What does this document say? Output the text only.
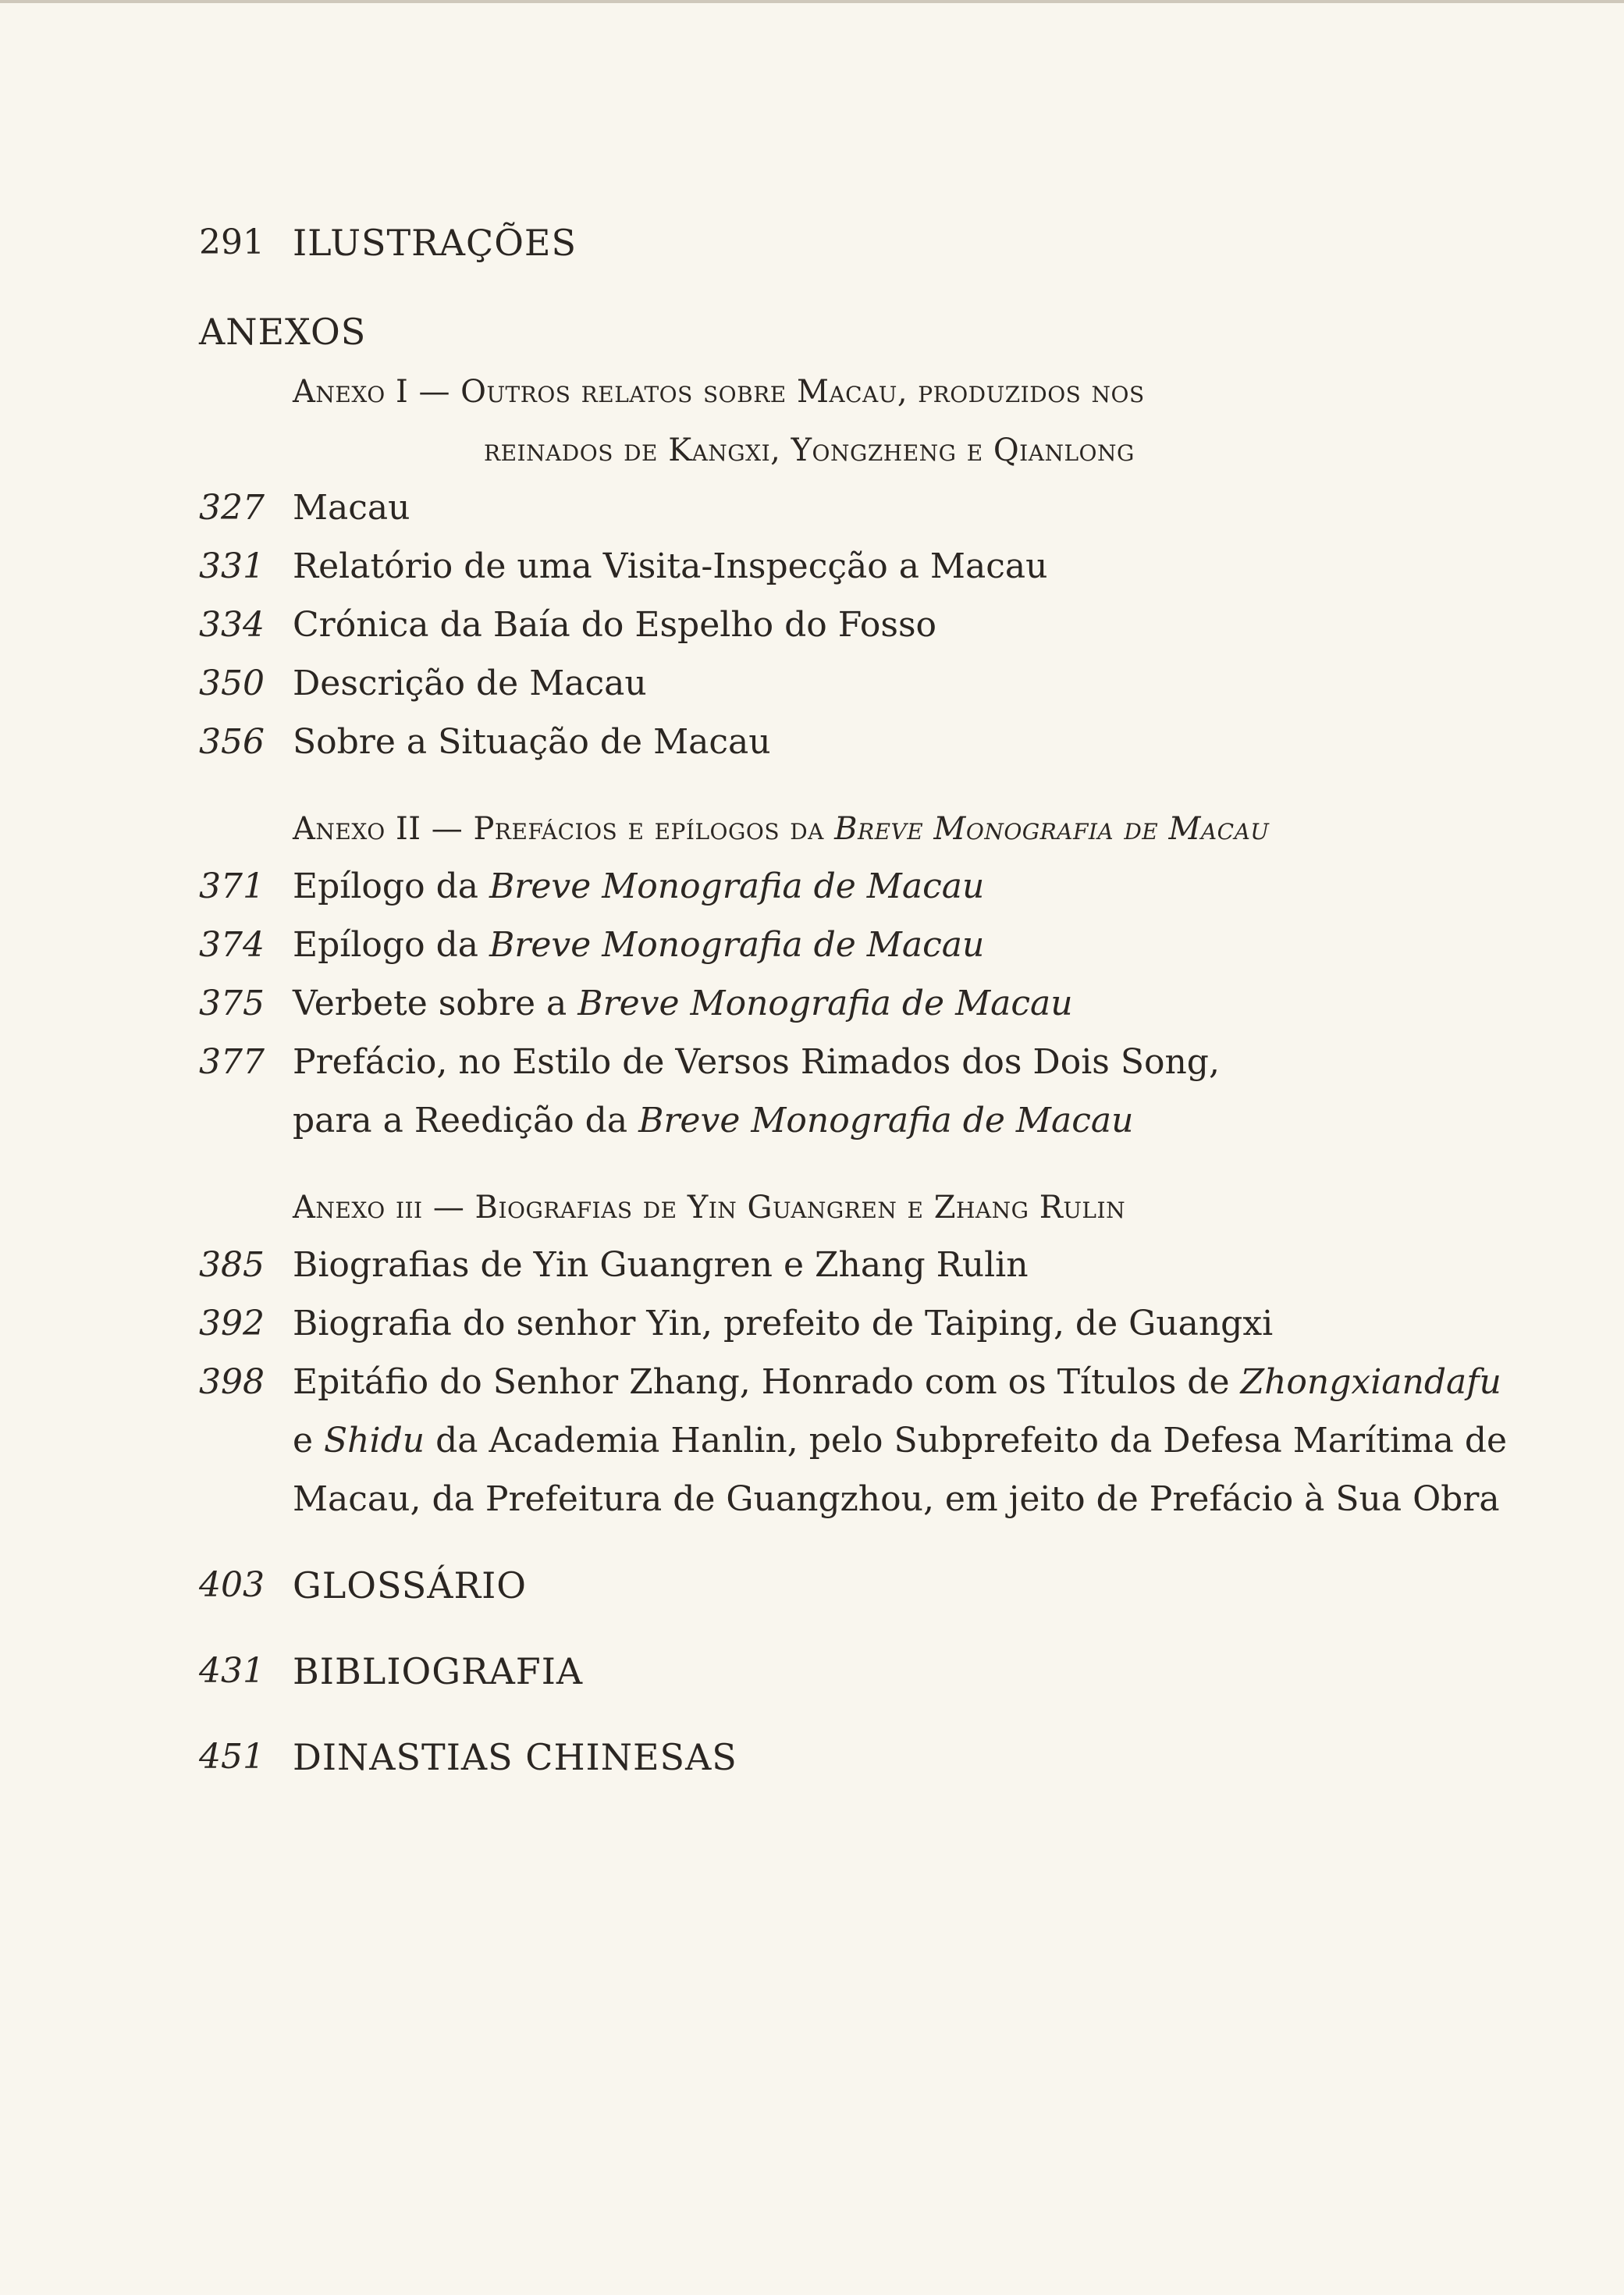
291 ILUSTRAÇÕES
ANEXOS
Anexo I — Outros relatos sobre Macau, produzidos nos
reinados de Kangxi, Yongzheng e Qianlong
327 Macau
331 Relatório de uma Visita-Inspecção a Macau
334 Crónica da Baía do Espelho do Fosso
350 Descrição de Macau
356 Sobre a Situação de Macau
Anexo II — Prefácios e epílogos da Breve Monografia de Macau
371 Epílogo da Breve Monografia de Macau
374 Epílogo da Breve Monografia de Macau
375 Verbete sobre a Breve Monografia de Macau
377 Prefácio, no Estilo de Versos Rimados dos Dois Song,
para a Reedição da Breve Monografia de Macau
Anexo iii — Biografias de Yin Guangren e Zhang Rulin
385 Biografias de Yin Guangren e Zhang Rulin
392 Biografia do senhor Yin, prefeito de Taiping, de Guangxi
398 Epitáfio do Senhor Zhang, Honrado com os Títulos de Zhongxiandafu
e Shidu da Academia Hanlin, pelo Subprefeito da Defesa Marítima de
Macau, da Prefeitura de Guangzhou, em jeito de Prefácio à Sua Obra
403 GLOSSÁRIO
431 BIBLIOGRAFIA
451 DINASTIAS CHINESAS
